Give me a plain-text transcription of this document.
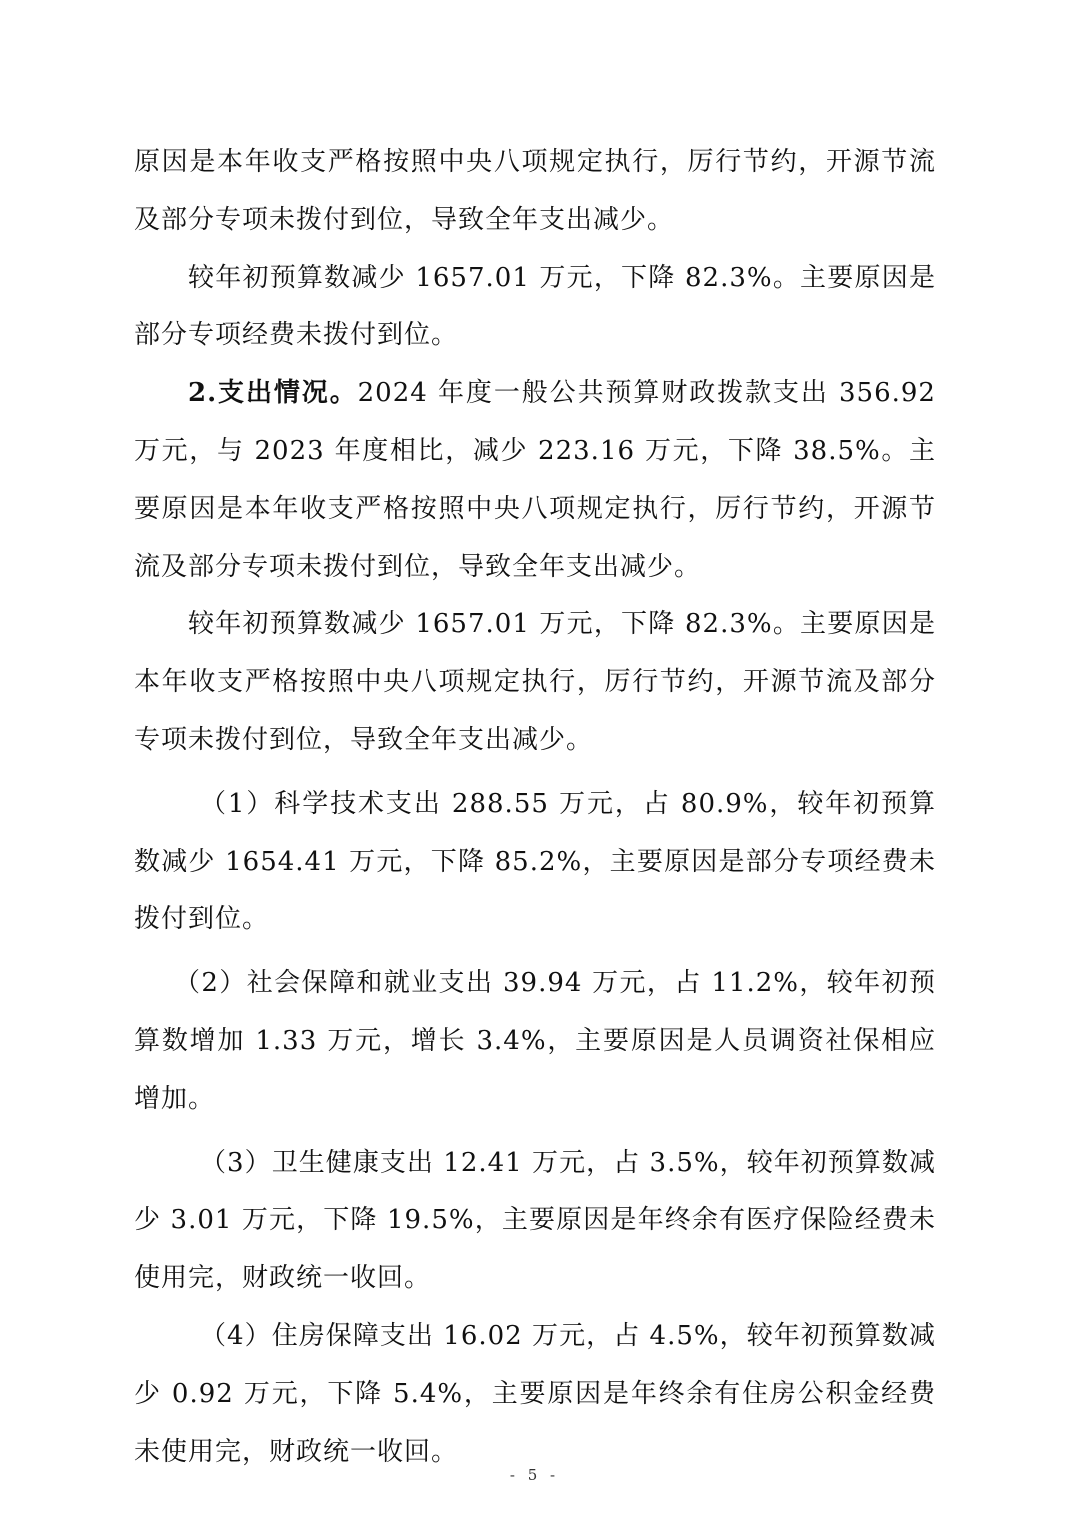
原因是本年收支严格按照中央八项规定执行，厉行节约，开源节流及部分专项未拨付到位，导致全年支出减少。

较年初预算数减少 1657.01 万元，下降 82.3%。主要原因是部分专项经费未拨付到位。

2.支出情况。2024 年度一般公共预算财政拨款支出 356.92 万元，与 2023 年度相比，减少 223.16 万元，下降 38.5%。主要原因是本年收支严格按照中央八项规定执行，厉行节约，开源节流及部分专项未拨付到位，导致全年支出减少。

较年初预算数减少 1657.01 万元，下降 82.3%。主要原因是本年收支严格按照中央八项规定执行，厉行节约，开源节流及部分专项未拨付到位，导致全年支出减少。

（1）科学技术支出 288.55 万元，占 80.9%，较年初预算数减少 1654.41 万元，下降 85.2%，主要原因是部分专项经费未拨付到位。

（2）社会保障和就业支出 39.94 万元，占 11.2%，较年初预算数增加 1.33 万元，增长 3.4%，主要原因是人员调资社保相应增加。

（3）卫生健康支出 12.41 万元，占 3.5%，较年初预算数减少 3.01 万元，下降 19.5%，主要原因是年终余有医疗保险经费未使用完，财政统一收回。

（4）住房保障支出 16.02 万元，占 4.5%，较年初预算数减少 0.92 万元，下降 5.4%，主要原因是年终余有住房公积金经费未使用完，财政统一收回。

- 5 -
